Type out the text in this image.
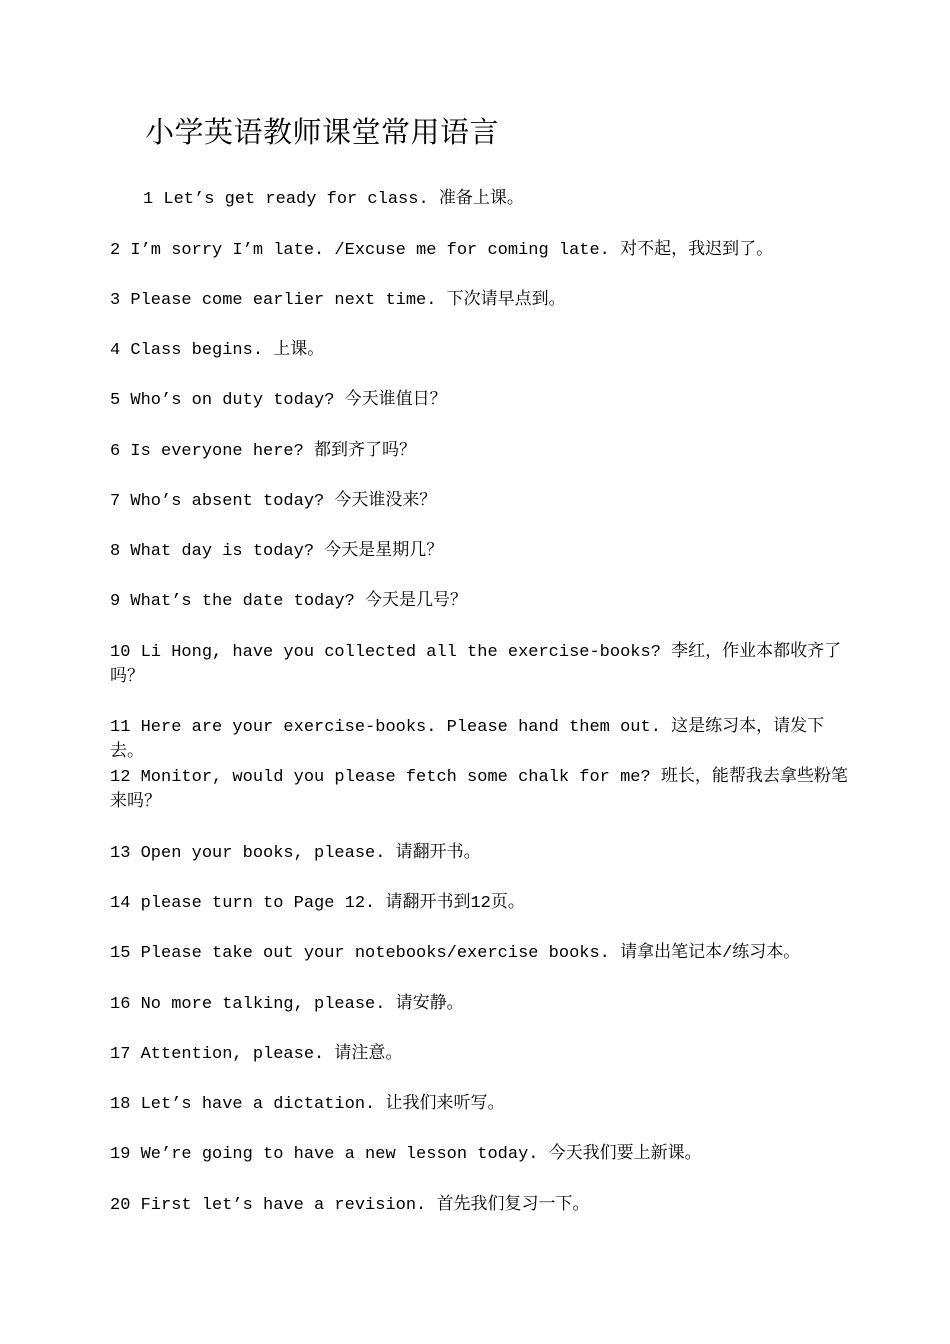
小学英语教师课堂常用语言
1 Let’s get ready for class. 准备上课。
2 I’m sorry I’m late. /Excuse me for coming late. 对不起，我迟到了。
3 Please come earlier next time. 下次请早点到。
4 Class begins. 上课。
5 Who’s on duty today? 今天谁值日？
6 Is everyone here? 都到齐了吗？
7 Who’s absent today? 今天谁没来？
8 What day is today? 今天是星期几？
9 What’s the date today? 今天是几号？
10 Li Hong, have you collected all the exercise-books? 李红，作业本都收齐了吗？
11 Here are your exercise-books. Please hand them out. 这是练习本，请发下去。
12 Monitor, would you please fetch some chalk for me? 班长，能帮我去拿些粉笔来吗？
13 Open your books, please. 请翻开书。
14 please turn to Page 12. 请翻开书到12页。
15 Please take out your notebooks/exercise books. 请拿出笔记本/练习本。
16 No more talking, please. 请安静。
17 Attention, please. 请注意。
18 Let’s have a dictation. 让我们来听写。
19 We’re going to have a new lesson today. 今天我们要上新课。
20 First let’s have a revision. 首先我们复习一下。
